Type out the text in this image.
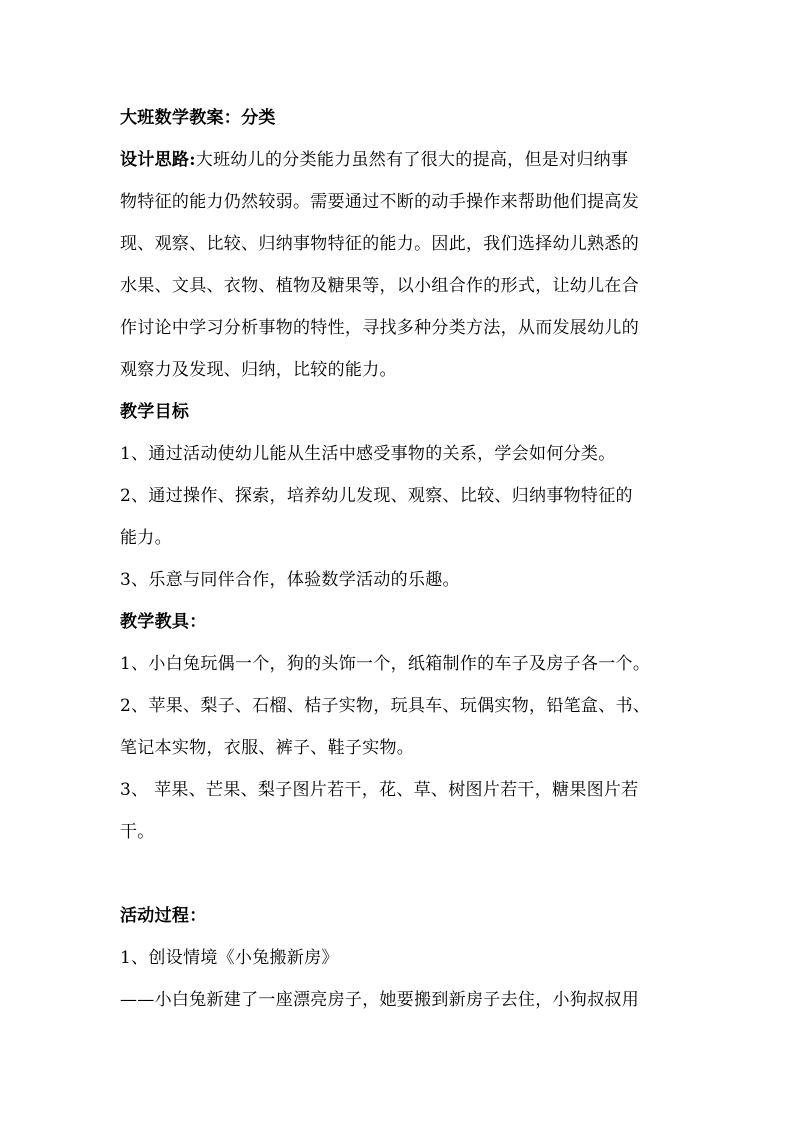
大班数学教案：分类
设计思路:大班幼儿的分类能力虽然有了很大的提高，但是对归纳事
物特征的能力仍然较弱。需要通过不断的动手操作来帮助他们提高发
现、观察、比较、归纳事物特征的能力。因此，我们选择幼儿熟悉的
水果、文具、衣物、植物及糖果等，以小组合作的形式，让幼儿在合
作讨论中学习分析事物的特性，寻找多种分类方法，从而发展幼儿的
观察力及发现、归纳，比较的能力。
教学目标
1、通过活动使幼儿能从生活中感受事物的关系，学会如何分类。
2、通过操作、探索，培养幼儿发现、观察、比较、归纳事物特征的
能力。
3、乐意与同伴合作，体验数学活动的乐趣。
教学教具：
1、小白兔玩偶一个，狗的头饰一个，纸箱制作的车子及房子各一个。
2、苹果、梨子、石榴、桔子实物，玩具车、玩偶实物，铅笔盒、书、
笔记本实物，衣服、裤子、鞋子实物。
3、 苹果、芒果、梨子图片若干，花、草、树图片若干，糖果图片若
干。
活动过程：
1、创设情境《小兔搬新房》
——小白兔新建了一座漂亮房子，她要搬到新房子去住，小狗叔叔用
